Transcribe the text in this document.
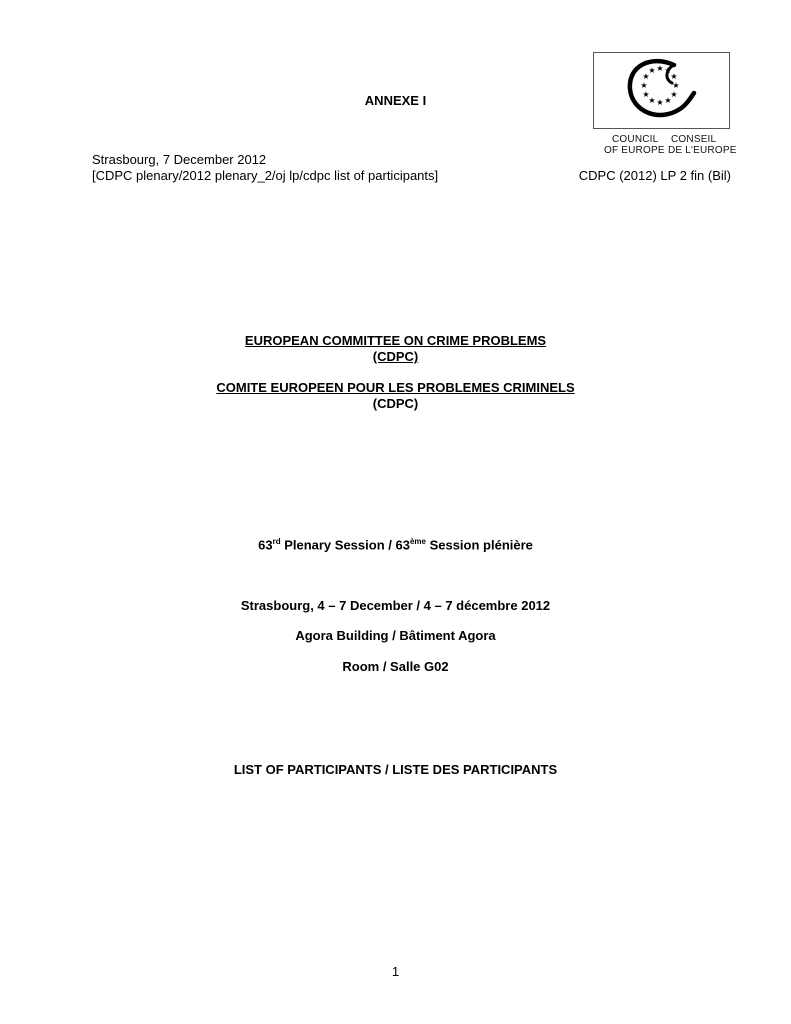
★ ★
★
★
★
★
★
★
★
★
★
★
COUNCIL
OF EUROPE
CONSEIL
DE L'EUROPE
ANNEXE I
Strasbourg, 7 December 2012
[CDPC plenary/2012 plenary_2/oj lp/cdpc list of participants]	CDPC (2012) LP 2 fin (Bil)
EUROPEAN COMMITTEE ON CRIME PROBLEMS
(CDPC)
COMITE EUROPEEN POUR LES PROBLEMES CRIMINELS
(CDPC)
63rd Plenary Session / 63ème Session plénière
Strasbourg, 4 – 7 December / 4 – 7 décembre 2012
Agora Building / Bâtiment Agora
Room / Salle G02
LIST OF PARTICIPANTS / LISTE DES PARTICIPANTS
1
